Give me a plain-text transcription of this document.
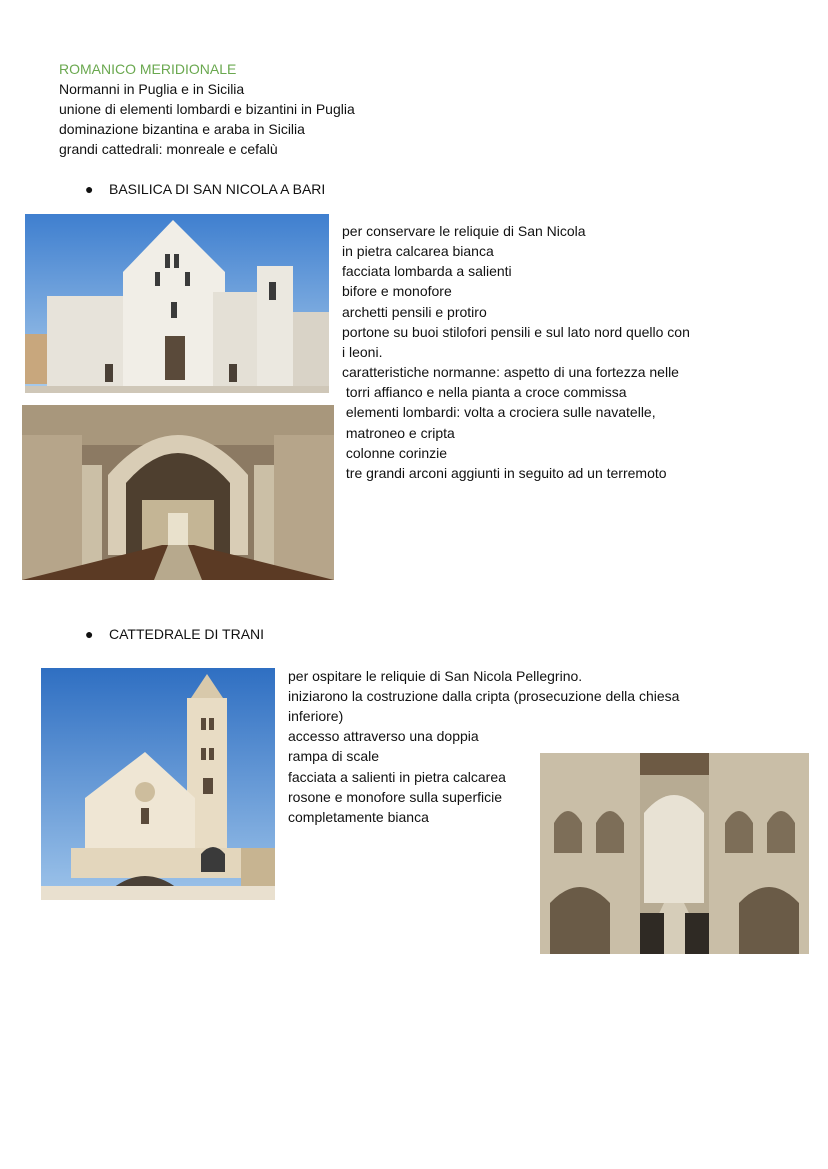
ROMANICO MERIDIONALE
Normanni in Puglia e in Sicilia
unione di elementi lombardi e bizantini in Puglia
dominazione bizantina e araba in Sicilia
grandi cattedrali: monreale e cefalù
● BASILICA DI SAN NICOLA A BARI
per conservare le reliquie di San Nicola
in pietra calcarea bianca
facciata lombarda a salienti
bifore e monofore
archetti pensili e protiro
portone su buoi stilofori pensili e sul lato nord quello con
i leoni.
caratteristiche normanne: aspetto di una fortezza nelle
torri affianco e nella pianta a croce commissa
elementi lombardi: volta a crociera sulle navatelle,
matroneo e cripta
colonne corinzie
tre grandi arconi aggiunti in seguito ad un terremoto
● CATTEDRALE DI TRANI
per ospitare le reliquie di San Nicola Pellegrino.
iniziarono la costruzione dalla cripta (prosecuzione della chiesa
inferiore)
accesso attraverso una doppia
rampa di scale
facciata a salienti in pietra calcarea
rosone e monofore sulla superficie
completamente bianca
